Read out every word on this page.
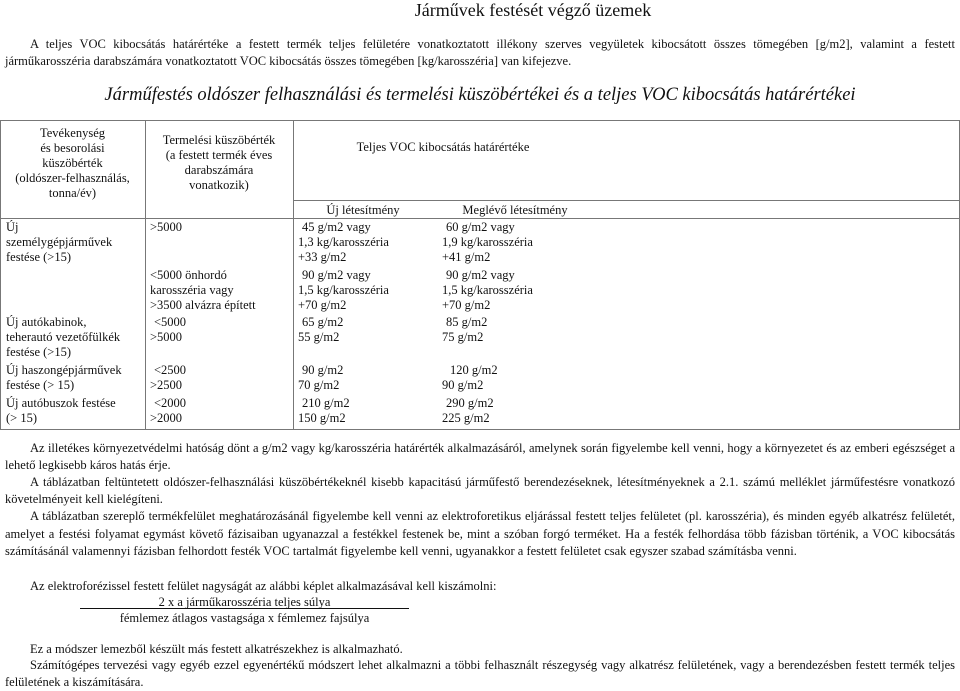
Járművek festését végző üzemek
A teljes VOC kibocsátás határértéke a festett termék teljes felületére vonatkoztatott illékony szerves vegyületek kibocsátott összes tömegében [g/m2], valamint a festett járműkarosszéria darabszámára vonatkoztatott VOC kibocsátás összes tömegében [kg/karosszéria] van kifejezve.
Járműfestés oldószer felhasználási és termelési küszöbértékei és a teljes VOC kibocsátás határértékei
Tevékenység
és besorolási
küszöbérték
(oldószer-felhasználás,
tonna/év)
Termelési küszöbérték
(a festett termék éves
darabszámára
vonatkozik)
Teljes VOC kibocsátás határértéke
Új létesítmény	Meglévő létesítmény
Új
személygépjárművek
festése (>15)
>5000	45 g/m2 vagy
1,3 kg/karosszéria
+33 g/m2
60 g/m2 vagy
1,9 kg/karosszéria
+41 g/m2
<5000 önhordó
karosszéria vagy
>3500 alvázra épített
90 g/m2 vagy
1,5 kg/karosszéria
+70 g/m2
90 g/m2 vagy
1,5 kg/karosszéria
+70 g/m2
Új autókabinok,
teherautó vezetőfülkék
festése (>15)
<5000
>5000
65 g/m2
55 g/m2
85 g/m2
75 g/m2
Új haszongépjárművek
festése (> 15)
<2500
>2500
90 g/m2
70 g/m2
120 g/m2
90 g/m2
Új autóbuszok festése
(> 15)
<2000
>2000
210 g/m2
150 g/m2
290 g/m2
225 g/m2
Az illetékes környezetvédelmi hatóság dönt a g/m2 vagy kg/karosszéria határérték alkalmazásáról, amelynek során figyelembe kell venni, hogy a környezetet és az emberi egészséget a lehető legkisebb káros hatás érje.
A táblázatban feltüntetett oldószer-felhasználási küszöbértékeknél kisebb kapacitású járműfestő berendezéseknek, létesítményeknek a 2.1. számú melléklet járműfestésre vonatkozó követelményeit kell kielégíteni.
A táblázatban szereplő termékfelület meghatározásánál figyelembe kell venni az elektroforetikus eljárással festett teljes felületet (pl. karosszéria), és minden egyéb alkatrész felületét, amelyet a festési folyamat egymást követő fázisaiban ugyanazzal a festékkel festenek be, mint a szóban forgó terméket. Ha a festék felhordása több fázisban történik, a VOC kibocsátás számításánál valamennyi fázisban felhordott festék VOC tartalmát figyelembe kell venni, ugyanakkor a festett felületet csak egyszer szabad számításba venni.
Az elektroforézissel festett felület nagyságát az alábbi képlet alkalmazásával kell kiszámolni:
2 x a járműkarosszéria teljes súlya
fémlemez átlagos vastagsága x fémlemez fajsúlya
Ez a módszer lemezből készült más festett alkatrészekhez is alkalmazható.
Számítógépes tervezési vagy egyéb ezzel egyenértékű módszert lehet alkalmazni a többi felhasznált részegység vagy alkatrész felületének, vagy a berendezésben festett termék teljes felületének a kiszámítására.
